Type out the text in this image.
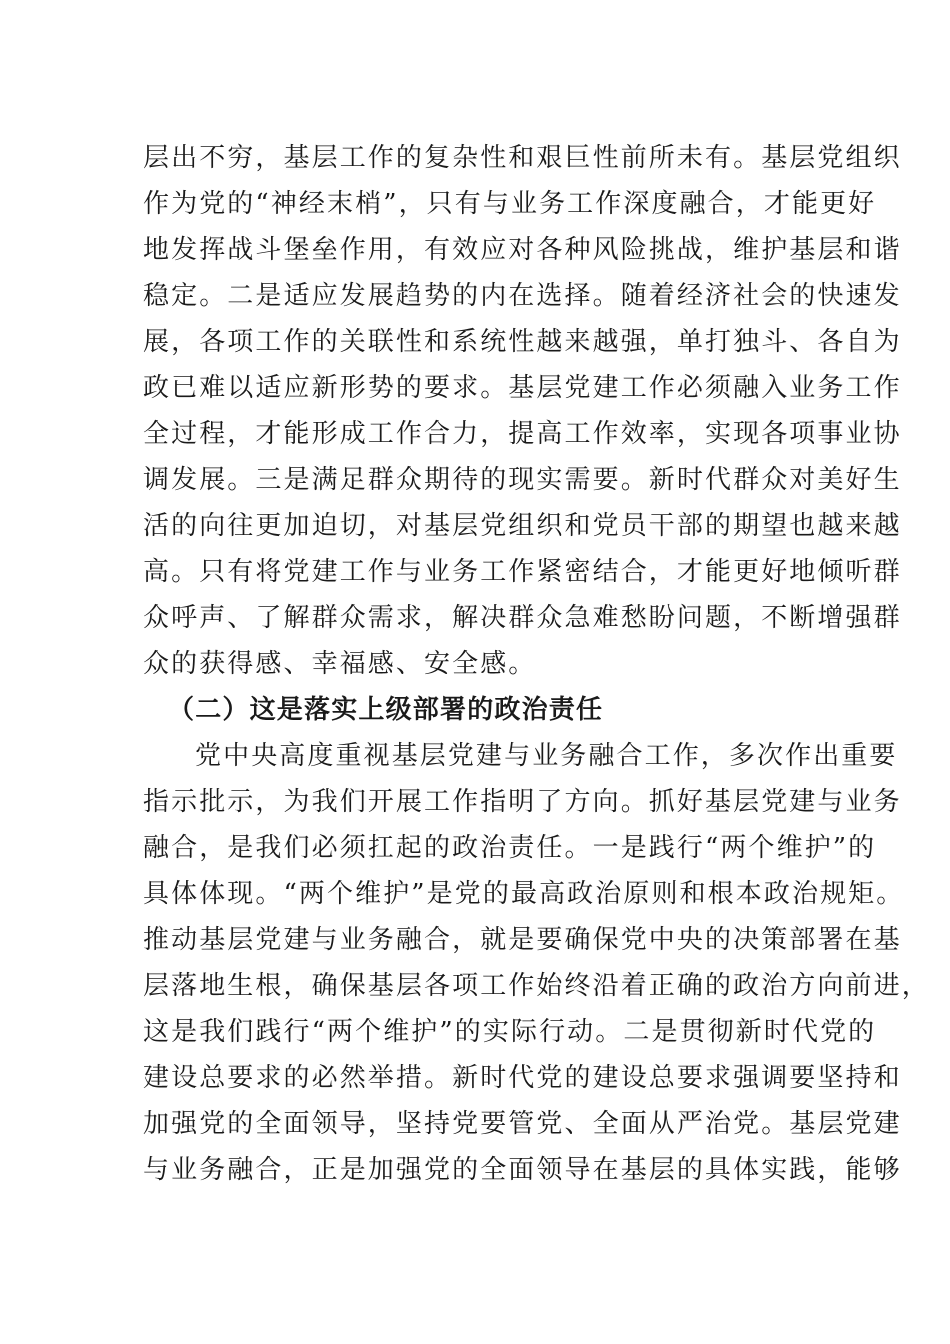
层出不穷，基层工作的复杂性和艰巨性前所未有。基层党组织
作为党的“神经末梢”，只有与业务工作深度融合，才能更好
地发挥战斗堡垒作用，有效应对各种风险挑战，维护基层和谐
稳定。二是适应发展趋势的内在选择。随着经济社会的快速发
展，各项工作的关联性和系统性越来越强，单打独斗、各自为
政已难以适应新形势的要求。基层党建工作必须融入业务工作
全过程，才能形成工作合力，提高工作效率，实现各项事业协
调发展。三是满足群众期待的现实需要。新时代群众对美好生
活的向往更加迫切，对基层党组织和党员干部的期望也越来越
高。只有将党建工作与业务工作紧密结合，才能更好地倾听群
众呼声、了解群众需求，解决群众急难愁盼问题，不断增强群
众的获得感、幸福感、安全感。
（二）这是落实上级部署的政治责任
党中央高度重视基层党建与业务融合工作，多次作出重要
指示批示，为我们开展工作指明了方向。抓好基层党建与业务
融合，是我们必须扛起的政治责任。一是践行“两个维护”的
具体体现。“两个维护”是党的最高政治原则和根本政治规矩。
推动基层党建与业务融合，就是要确保党中央的决策部署在基
层落地生根，确保基层各项工作始终沿着正确的政治方向前进，
这是我们践行“两个维护”的实际行动。二是贯彻新时代党的
建设总要求的必然举措。新时代党的建设总要求强调要坚持和
加强党的全面领导，坚持党要管党、全面从严治党。基层党建
与业务融合，正是加强党的全面领导在基层的具体实践，能够
